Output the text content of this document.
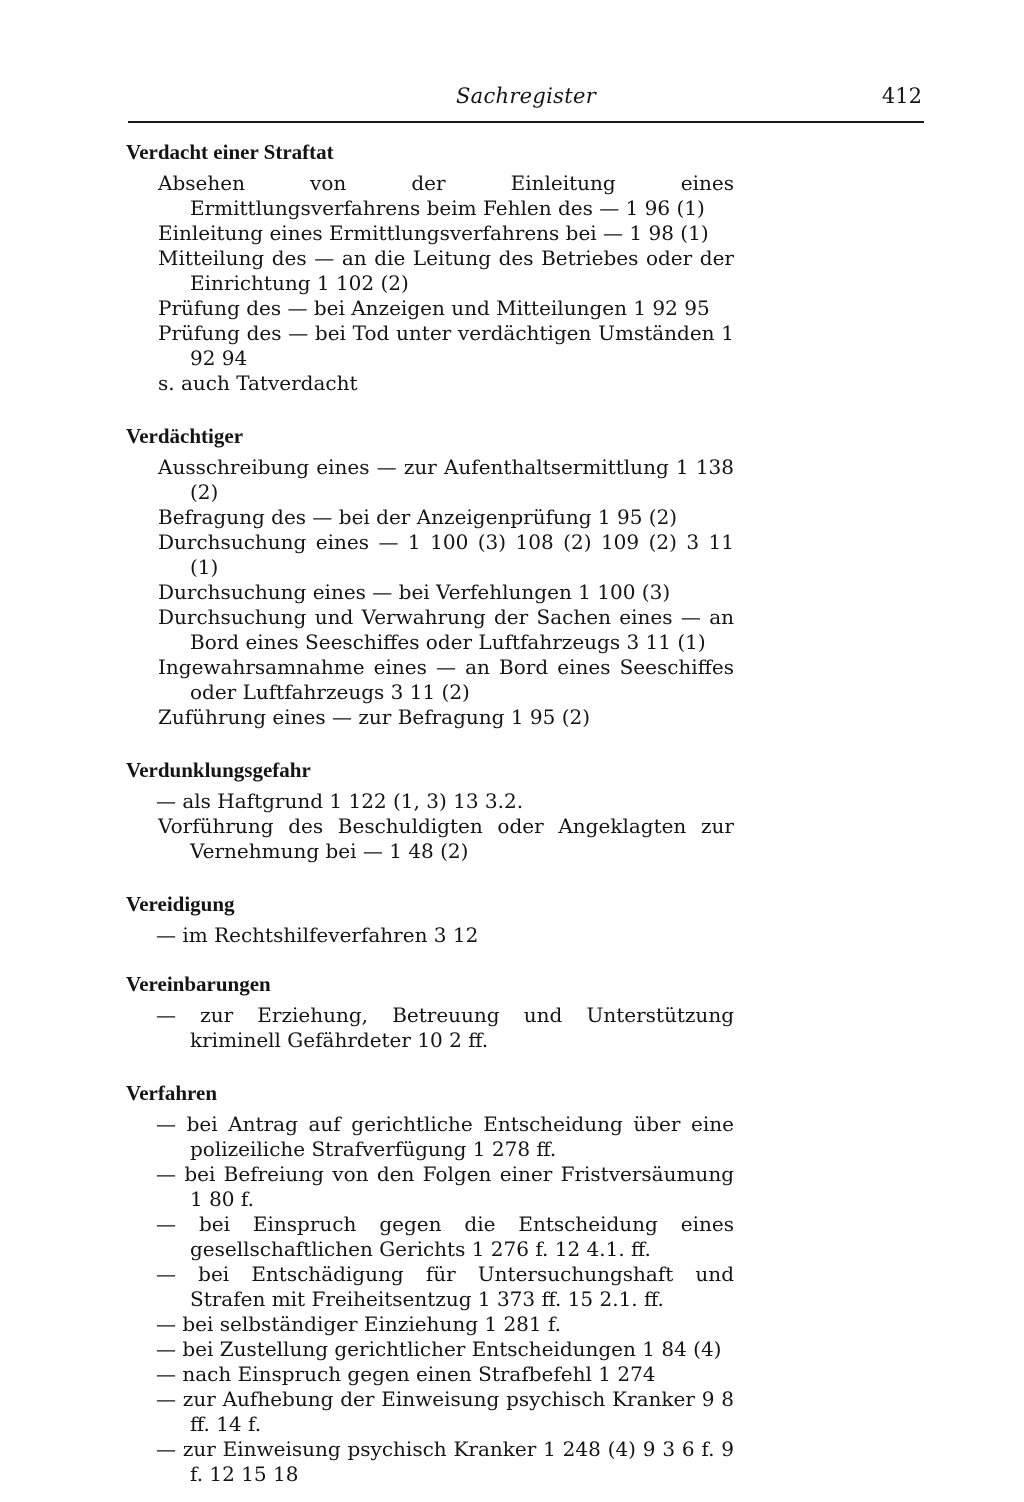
Sachregister	412
Verdacht einer Straftat
Absehen von der Einleitung eines Ermittlungsverfahrens beim Fehlen des — 1 96 (1)
Einleitung eines Ermittlungsverfahrens bei — 1 98 (1)
Mitteilung des — an die Leitung des Betriebes oder der Einrichtung 1 102 (2)
Prüfung des — bei Anzeigen und Mitteilungen 1 92 95
Prüfung des — bei Tod unter verdächtigen Umständen 1 92 94
s. auch Tatverdacht
Verdächtiger
Ausschreibung eines — zur Aufenthaltsermittlung 1 138 (2)
Befragung des — bei der Anzeigenprüfung 1 95 (2)
Durchsuchung eines — 1 100 (3) 108 (2) 109 (2) 3 11 (1)
Durchsuchung eines — bei Verfehlungen 1 100 (3)
Durchsuchung und Verwahrung der Sachen eines — an Bord eines Seeschiffes oder Luftfahrzeugs 3 11 (1)
Ingewahrsamnahme eines — an Bord eines Seeschiffes oder Luftfahrzeugs 3 11 (2)
Zuführung eines — zur Befragung 1 95 (2)
Verdunklungsgefahr
— als Haftgrund 1 122 (1, 3) 13 3.2.
Vorführung des Beschuldigten oder Angeklagten zur Vernehmung bei — 1 48 (2)
Vereidigung
— im Rechtshilfeverfahren 3 12
Vereinbarungen
— zur Erziehung, Betreuung und Unterstützung kriminell Gefährdeter 10 2 ff.
Verfahren
— bei Antrag auf gerichtliche Entscheidung über eine polizeiliche Strafverfügung 1 278 ff.
— bei Befreiung von den Folgen einer Fristversäumung 1 80 f.
— bei Einspruch gegen die Entscheidung eines gesellschaftlichen Gerichts 1 276 f. 12 4.1. ff.
— bei Entschädigung für Untersuchungshaft und Strafen mit Freiheitsentzug 1 373 ff. 15 2.1. ff.
— bei selbständiger Einziehung 1 281 f.
— bei Zustellung gerichtlicher Entscheidungen 1 84 (4)
— nach Einspruch gegen einen Strafbefehl 1 274
— zur Aufhebung der Einweisung psychisch Kranker 9 8 ff. 14 f.
— zur Einweisung psychisch Kranker 1 248 (4) 9 3 6 f. 9 f. 12 15 18
